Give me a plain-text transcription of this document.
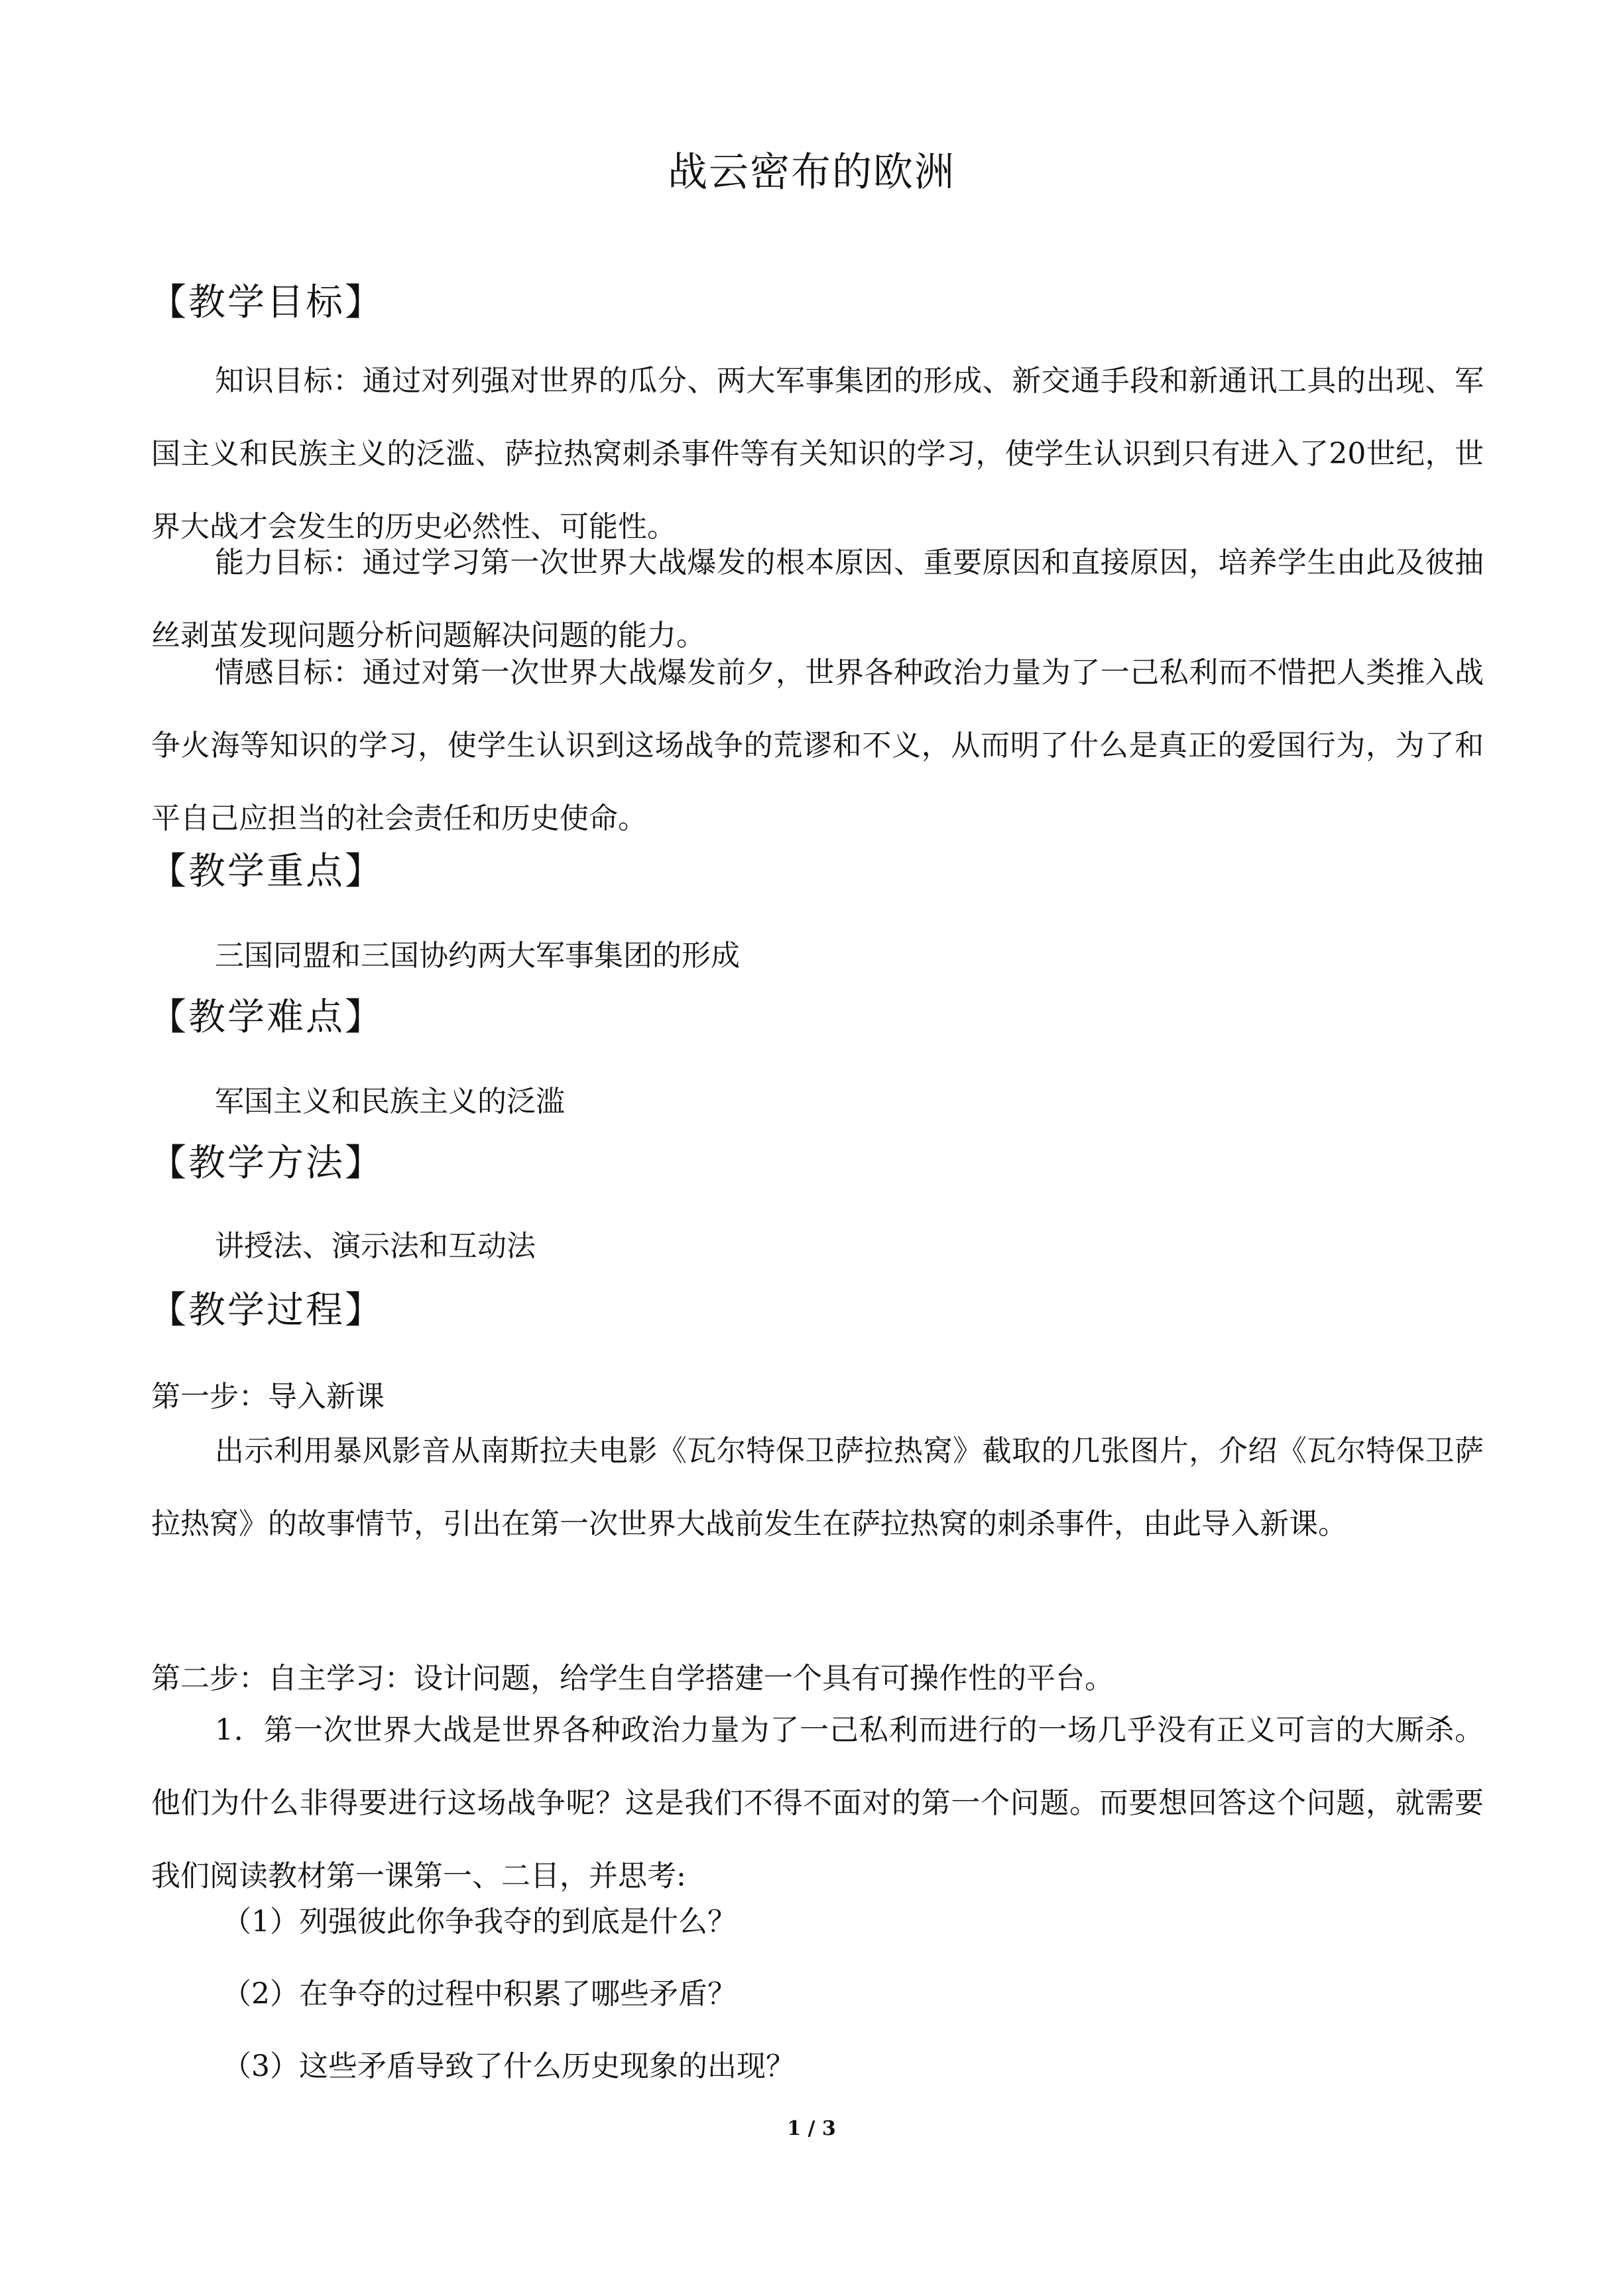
战云密布的欧洲
【教学目标】
知识目标：通过对列强对世界的瓜分、两大军事集团的形成、新交通手段和新通讯工具的出现、军国主义和民族主义的泛滥、萨拉热窝刺杀事件等有关知识的学习，使学生认识到只有进入了20世纪，世界大战才会发生的历史必然性、可能性。
能力目标：通过学习第一次世界大战爆发的根本原因、重要原因和直接原因，培养学生由此及彼抽丝剥茧发现问题分析问题解决问题的能力。
情感目标：通过对第一次世界大战爆发前夕，世界各种政治力量为了一己私利而不惜把人类推入战争火海等知识的学习，使学生认识到这场战争的荒谬和不义，从而明了什么是真正的爱国行为，为了和平自己应担当的社会责任和历史使命。
【教学重点】
三国同盟和三国协约两大军事集团的形成
【教学难点】
军国主义和民族主义的泛滥
【教学方法】
讲授法、演示法和互动法
【教学过程】
第一步：导入新课
出示利用暴风影音从南斯拉夫电影《瓦尔特保卫萨拉热窝》截取的几张图片，介绍《瓦尔特保卫萨拉热窝》的故事情节，引出在第一次世界大战前发生在萨拉热窝的刺杀事件，由此导入新课。
第二步：自主学习：设计问题，给学生自学搭建一个具有可操作性的平台。
1．第一次世界大战是世界各种政治力量为了一己私利而进行的一场几乎没有正义可言的大厮杀。他们为什么非得要进行这场战争呢？这是我们不得不面对的第一个问题。而要想回答这个问题，就需要我们阅读教材第一课第一、二目，并思考:
（1）列强彼此你争我夺的到底是什么？
（2）在争夺的过程中积累了哪些矛盾？
（3）这些矛盾导致了什么历史现象的出现？
1 / 3
